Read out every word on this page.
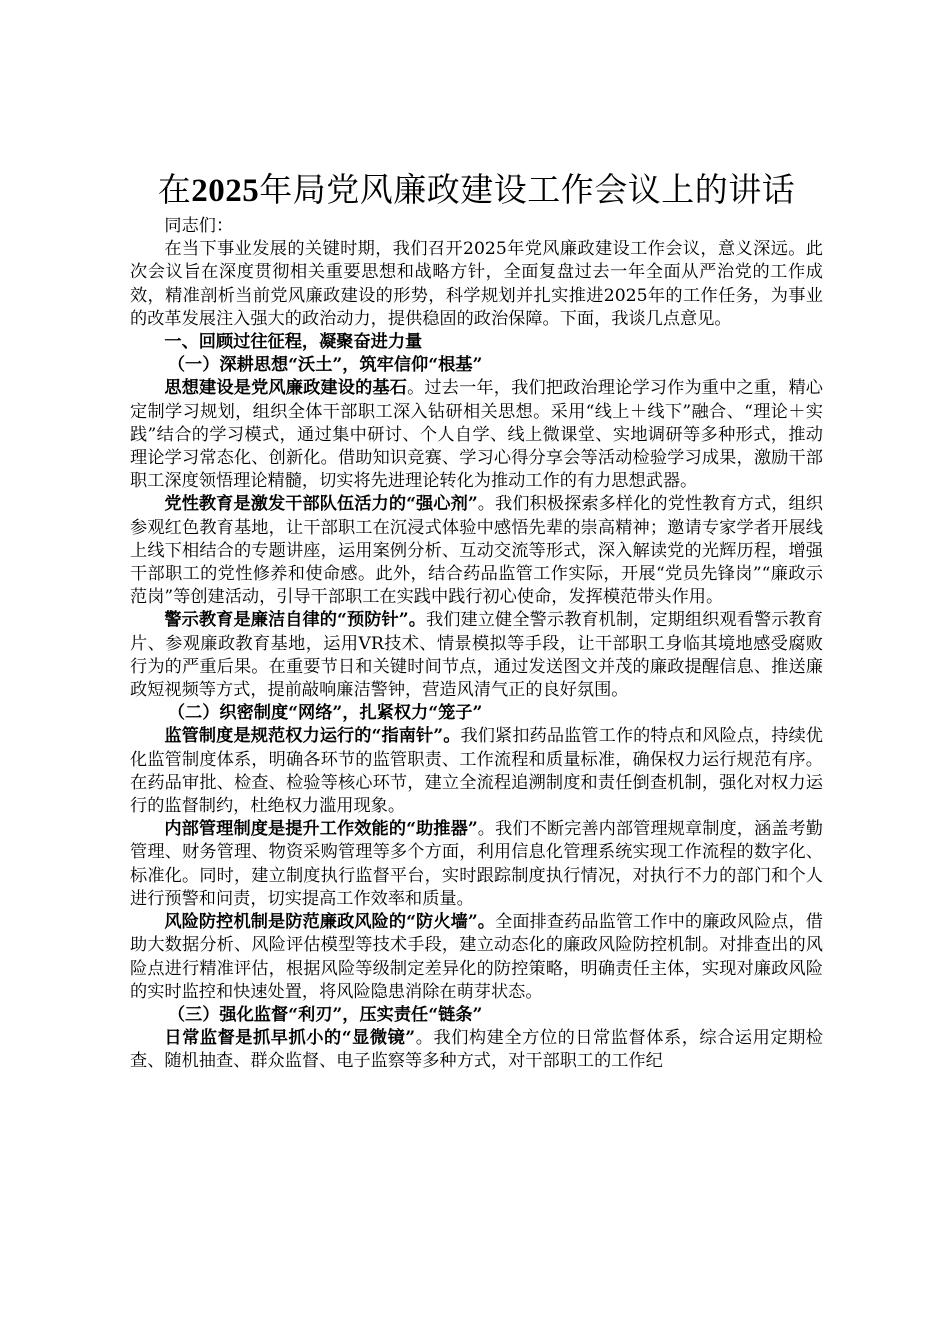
在2025年局党风廉政建设工作会议上的讲话

同志们：

在当下事业发展的关键时期，我们召开2025年党风廉政建设工作会议，意义深远。此次会议旨在深度贯彻相关重要思想和战略方针，全面复盘过去一年全面从严治党的工作成效，精准剖析当前党风廉政建设的形势，科学规划并扎实推进2025年的工作任务，为事业的改革发展注入强大的政治动力，提供稳固的政治保障。下面，我谈几点意见。

一、回顾过往征程，凝聚奋进力量

（一）深耕思想“沃土”，筑牢信仰“根基”

思想建设是党风廉政建设的基石。过去一年，我们把政治理论学习作为重中之重，精心定制学习规划，组织全体干部职工深入钻研相关思想。采用“线上＋线下”融合、“理论＋实践”结合的学习模式，通过集中研讨、个人自学、线上微课堂、实地调研等多种形式，推动理论学习常态化、创新化。借助知识竞赛、学习心得分享会等活动检验学习成果，激励干部职工深度领悟理论精髓，切实将先进理论转化为推动工作的有力思想武器。

党性教育是激发干部队伍活力的“强心剂”。我们积极探索多样化的党性教育方式，组织参观红色教育基地，让干部职工在沉浸式体验中感悟先辈的崇高精神；邀请专家学者开展线上线下相结合的专题讲座，运用案例分析、互动交流等形式，深入解读党的光辉历程，增强干部职工的党性修养和使命感。此外，结合药品监管工作实际，开展“党员先锋岗”“廉政示范岗”等创建活动，引导干部职工在实践中践行初心使命，发挥模范带头作用。

警示教育是廉洁自律的“预防针”。我们建立健全警示教育机制，定期组织观看警示教育片、参观廉政教育基地，运用VR技术、情景模拟等手段，让干部职工身临其境地感受腐败行为的严重后果。在重要节日和关键时间节点，通过发送图文并茂的廉政提醒信息、推送廉政短视频等方式，提前敲响廉洁警钟，营造风清气正的良好氛围。

（二）织密制度“网络”，扎紧权力“笼子”

监管制度是规范权力运行的“指南针”。我们紧扣药品监管工作的特点和风险点，持续优化监管制度体系，明确各环节的监管职责、工作流程和质量标准，确保权力运行规范有序。在药品审批、检查、检验等核心环节，建立全流程追溯制度和责任倒查机制，强化对权力运行的监督制约，杜绝权力滥用现象。

内部管理制度是提升工作效能的“助推器”。我们不断完善内部管理规章制度，涵盖考勤管理、财务管理、物资采购管理等多个方面，利用信息化管理系统实现工作流程的数字化、标准化。同时，建立制度执行监督平台，实时跟踪制度执行情况，对执行不力的部门和个人进行预警和问责，切实提高工作效率和质量。

风险防控机制是防范廉政风险的“防火墙”。全面排查药品监管工作中的廉政风险点，借助大数据分析、风险评估模型等技术手段，建立动态化的廉政风险防控机制。对排查出的风险点进行精准评估，根据风险等级制定差异化的防控策略，明确责任主体，实现对廉政风险的实时监控和快速处置，将风险隐患消除在萌芽状态。

（三）强化监督“利刃”，压实责任“链条”

日常监督是抓早抓小的“显微镜”。我们构建全方位的日常监督体系，综合运用定期检查、随机抽查、群众监督、电子监察等多种方式，对干部职工的工作纪
